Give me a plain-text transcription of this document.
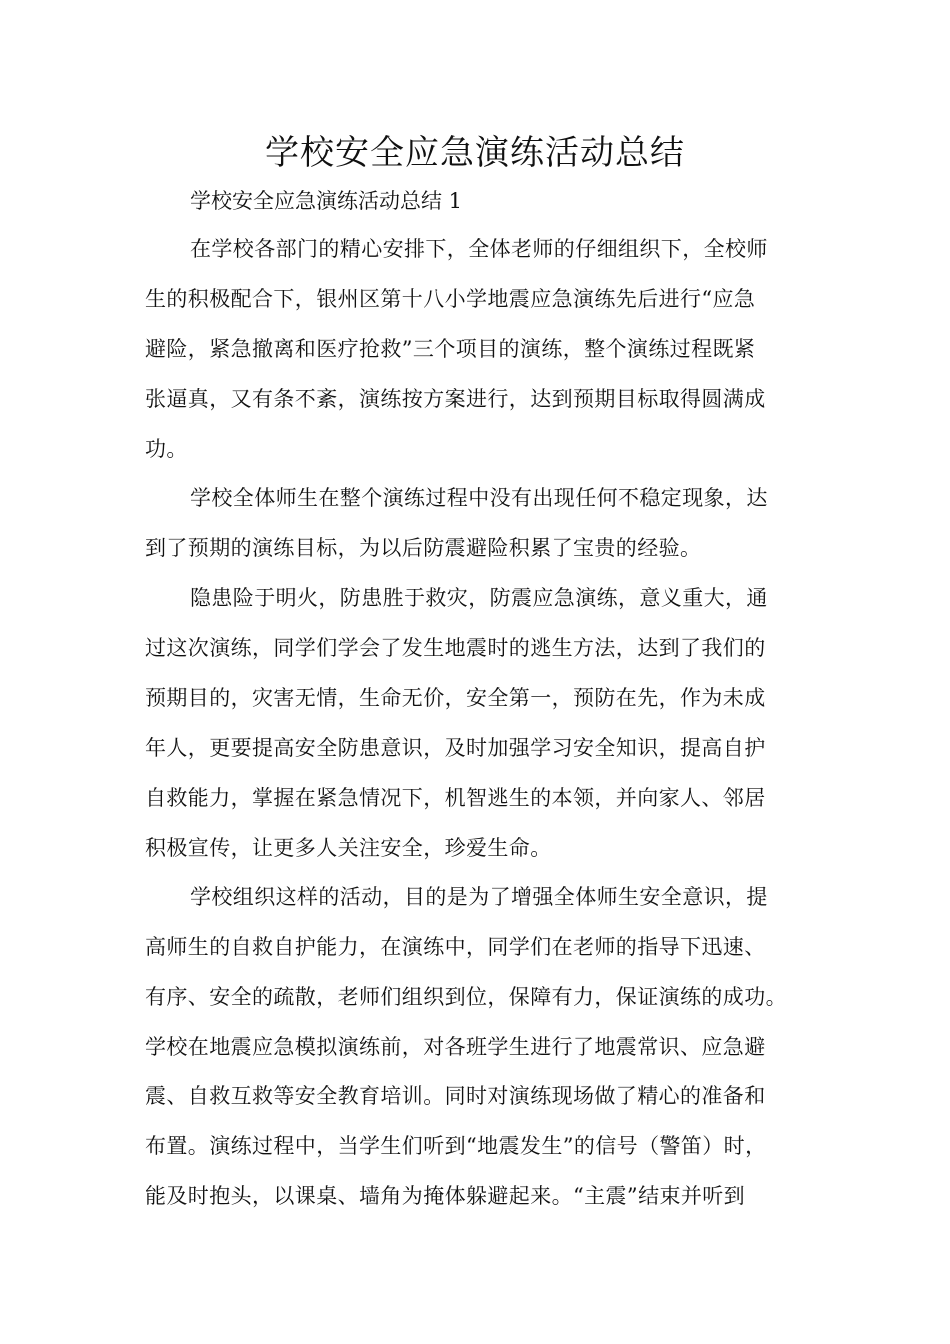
学校安全应急演练活动总结
学校安全应急演练活动总结 1
在学校各部门的精心安排下，全体老师的仔细组织下，全校师
生的积极配合下，银州区第十八小学地震应急演练先后进行“应急
避险，紧急撤离和医疗抢救”三个项目的演练，整个演练过程既紧
张逼真，又有条不紊，演练按方案进行，达到预期目标取得圆满成
功。
学校全体师生在整个演练过程中没有出现任何不稳定现象，达
到了预期的演练目标，为以后防震避险积累了宝贵的经验。
隐患险于明火，防患胜于救灾，防震应急演练，意义重大，通
过这次演练，同学们学会了发生地震时的逃生方法，达到了我们的
预期目的，灾害无情，生命无价，安全第一，预防在先，作为未成
年人，更要提高安全防患意识，及时加强学习安全知识，提高自护
自救能力，掌握在紧急情况下，机智逃生的本领，并向家人、邻居
积极宣传，让更多人关注安全，珍爱生命。
学校组织这样的活动，目的是为了增强全体师生安全意识，提
高师生的自救自护能力，在演练中，同学们在老师的指导下迅速、
有序、安全的疏散，老师们组织到位，保障有力，保证演练的成功。
学校在地震应急模拟演练前，对各班学生进行了地震常识、应急避
震、自救互救等安全教育培训。同时对演练现场做了精心的准备和
布置。演练过程中，当学生们听到“地震发生”的信号（警笛）时，
能及时抱头，以课桌、墙角为掩体躲避起来。“主震”结束并听到
